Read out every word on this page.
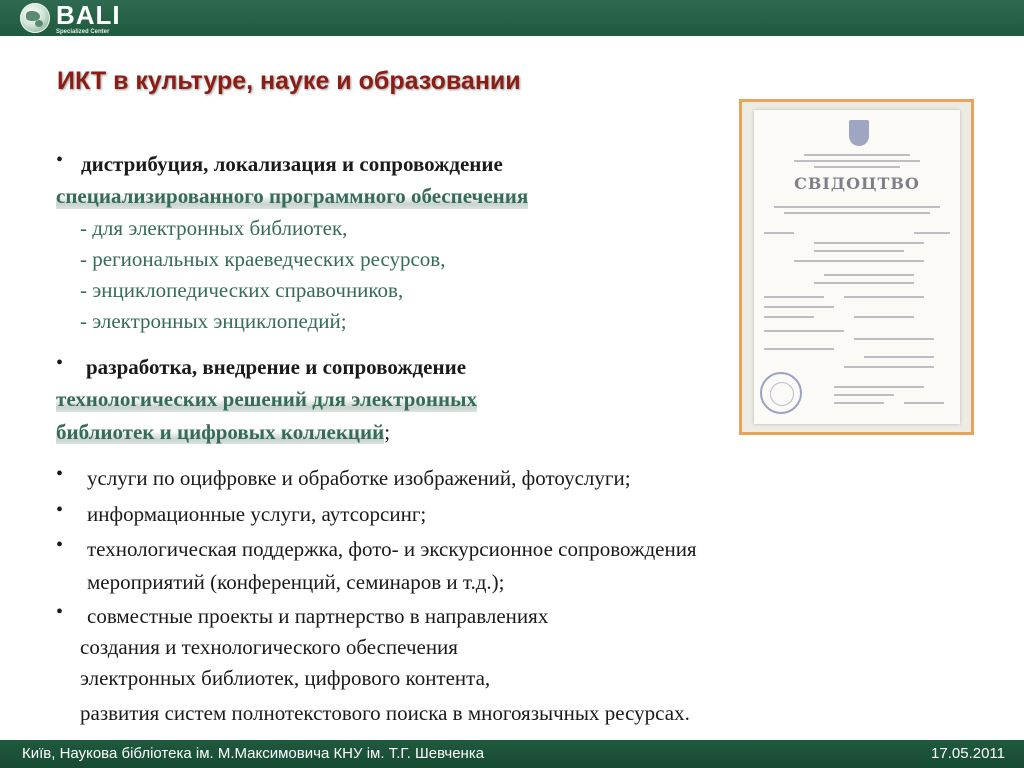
BALI
Specialized Center
ИКТ в культуре, науке и образовании
• дистрибуция, локализация и сопровождение
специализированного программного обеспечения
- для электронных библиотек,
- региональных краеведческих ресурсов,
- энциклопедических справочников,
- электронных энциклопедий;
• разработка, внедрение и сопровождение
технологических решений для электронных
библиотек и цифровых коллекций;
• услуги по оцифровке и обработке изображений, фотоуслуги;
• информационные услуги, аутсорсинг;
• технологическая поддержка, фото- и экскурсионное сопровождения
мероприятий (конференций, семинаров и т.д.);
• совместные проекты и партнерство в направлениях
создания и технологического обеспечения
электронных библиотек, цифрового контента,
развития систем полнотекстового поиска в многоязычных ресурсах.
СВІДОЦТВО
Київ, Наукова бібліотека ім. М.Максимовича КНУ ім. Т.Г. Шевченка	17.05.2011
